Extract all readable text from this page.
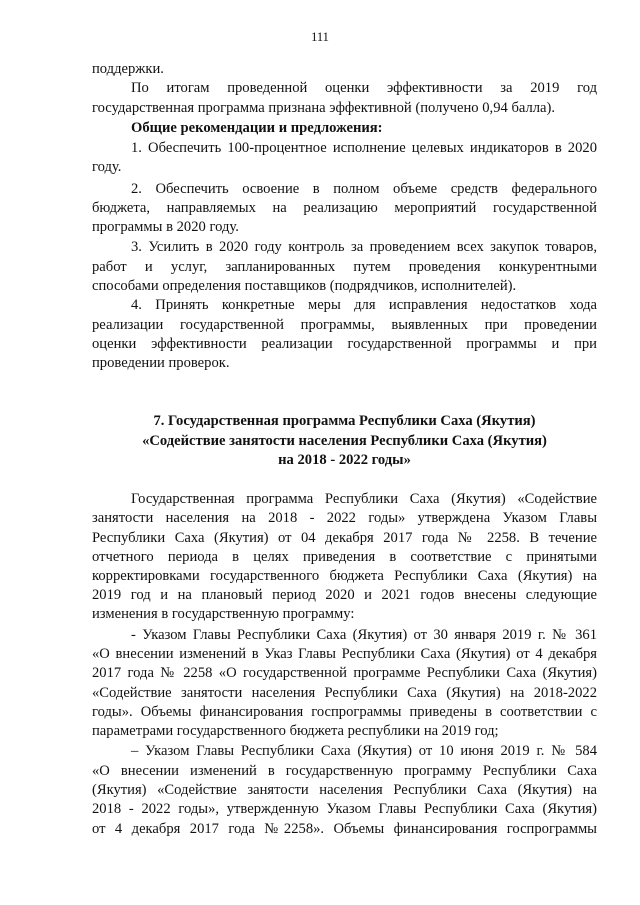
111
поддержки.
По итогам проведенной оценки эффективности за 2019 год
государственная программа признана эффективной (получено 0,94 балла).
Общие рекомендации и предложения:
1. Обеспечить 100-процентное исполнение целевых индикаторов в 2020
году.
2. Обеспечить освоение в полном объеме средств федерального
бюджета, направляемых на реализацию мероприятий государственной
программы в 2020 году.
3. Усилить в 2020 году контроль за проведением всех закупок товаров,
работ и услуг, запланированных путем проведения конкурентными
способами определения поставщиков (подрядчиков, исполнителей).
4. Принять конкретные меры для исправления недостатков хода
реализации государственной программы, выявленных при проведении
оценки эффективности реализации государственной программы и при
проведении проверок.
7. Государственная программа Республики Саха (Якутия)
«Содействие занятости населения Республики Саха (Якутия)
на 2018 - 2022 годы»
Государственная программа Республики Саха (Якутия) «Содействие
занятости населения на 2018 - 2022 годы» утверждена Указом Главы
Республики Саха (Якутия) от 04 декабря 2017 года № 2258. В течение
отчетного периода в целях приведения в соответствие с принятыми
корректировками государственного бюджета Республики Саха (Якутия) на
2019 год и на плановый период 2020 и 2021 годов внесены следующие
изменения в государственную программу:
- Указом Главы Республики Саха (Якутия) от 30 января 2019 г. № 361
«О внесении изменений в Указ Главы Республики Саха (Якутия) от 4 декабря
2017 года № 2258 «О государственной программе Республики Саха (Якутия)
«Содействие занятости населения Республики Саха (Якутия) на 2018-2022
годы». Объемы финансирования госпрограммы приведены в соответствии с
параметрами государственного бюджета республики на 2019 год;
– Указом Главы Республики Саха (Якутия) от 10 июня 2019 г. № 584
«О внесении изменений в государственную программу Республики Саха
(Якутия) «Содействие занятости населения Республики Саха (Якутия) на
2018 - 2022 годы», утвержденную Указом Главы Республики Саха (Якутия)
от 4 декабря 2017 года №2258». Объемы финансирования госпрограммы
